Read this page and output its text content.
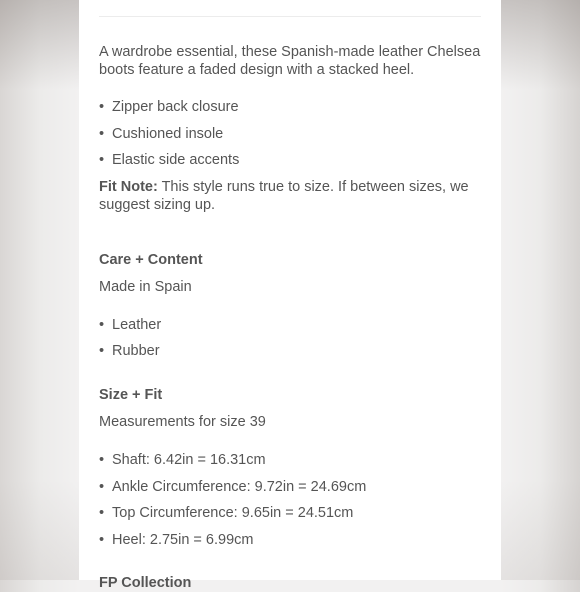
A wardrobe essential, these Spanish-made leather Chelsea boots feature a faded design with a stacked heel.
• Zipper back closure
• Cushioned insole
• Elastic side accents
Fit Note: This style runs true to size. If between sizes, we suggest sizing up.
Care + Content
Made in Spain
• Leather
• Rubber
Size + Fit
Measurements for size 39
• Shaft: 6.42in = 16.31cm
• Ankle Circumference: 9.72in = 24.69cm
• Top Circumference: 9.65in = 24.51cm
• Heel: 2.75in = 6.99cm
FP Collection
